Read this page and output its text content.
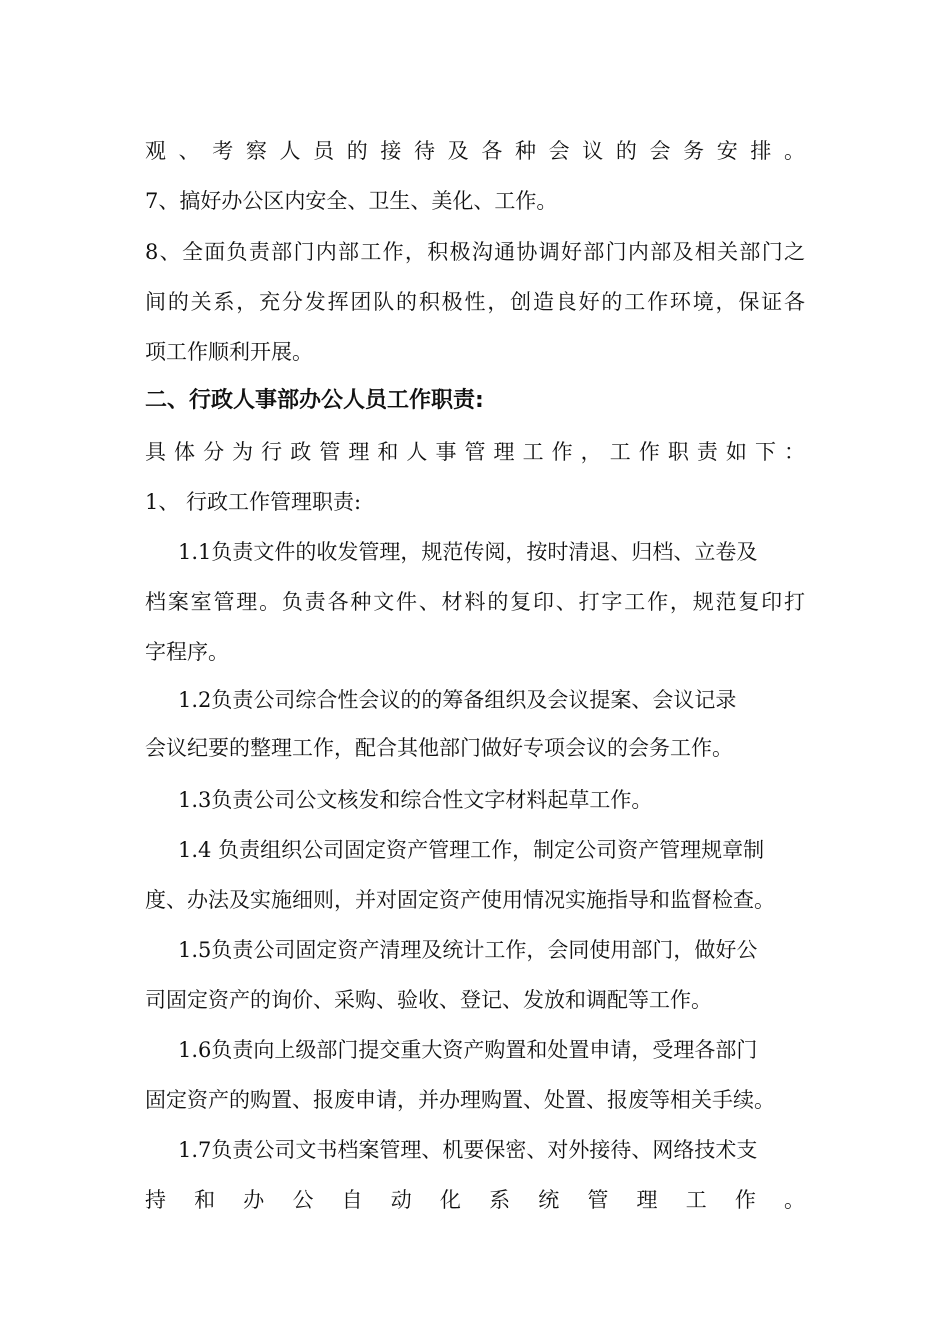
观、考察人员的接待及各种会议的会务安排。
7、搞好办公区内安全、卫生、美化、工作。
8、全面负责部门内部工作，积极沟通协调好部门内部及相关部门之
间的关系，充分发挥团队的积极性，创造良好的工作环境，保证各
项工作顺利开展。
二、行政人事部办公人员工作职责:
具体分为行政管理和人事管理工作，工作职责如下：
1、 行政工作管理职责:
1.1负责文件的收发管理，规范传阅，按时清退、归档、立卷及
档案室管理。负责各种文件、材料的复印、打字工作，规范复印打
字程序。
1.2负责公司综合性会议的的筹备组织及会议提案、会议记录
会议纪要的整理工作，配合其他部门做好专项会议的会务工作。
1.3负责公司公文核发和综合性文字材料起草工作。
1.4 负责组织公司固定资产管理工作，制定公司资产管理规章制
度、办法及实施细则，并对固定资产使用情况实施指导和监督检查。
1.5负责公司固定资产清理及统计工作，会同使用部门，做好公
司固定资产的询价、采购、验收、登记、发放和调配等工作。
1.6负责向上级部门提交重大资产购置和处置申请，受理各部门
固定资产的购置、报废申请，并办理购置、处置、报废等相关手续。
1.7负责公司文书档案管理、机要保密、对外接待、网络技术支
持和办公自动化系统管理工作。
